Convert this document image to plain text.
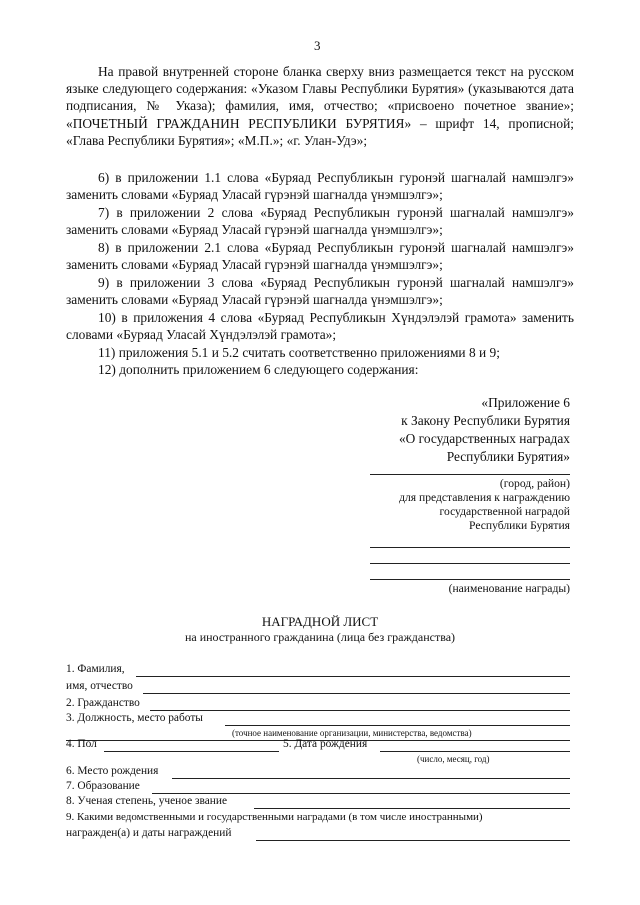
3
На правой внутренней стороне бланка сверху вниз размещается текст на русском языке следующего содержания: «Указом Главы Республики Бурятия» (указываются дата подписания, № Указа); фамилия, имя, отчество; «присвоено почетное звание»; «ПОЧЕТНЫЙ ГРАЖДАНИН РЕСПУБЛИКИ БУРЯТИЯ» – шрифт 14, прописной; «Глава Республики Бурятия»; «М.П.»; «г. Улан-Удэ»;
6) в приложении 1.1 слова «Буряад Республикын гуронэй шагналай намшэлгэ» заменить словами «Буряад Уласай гүрэнэй шагналда үнэмшэлгэ»;
7) в приложении 2 слова «Буряад Республикын гуронэй шагналай намшэлгэ» заменить словами «Буряад Уласай гүрэнэй шагналда үнэмшэлгэ»;
8) в приложении 2.1 слова «Буряад Республикын гуронэй шагналай намшэлгэ» заменить словами «Буряад Уласай гүрэнэй шагналда үнэмшэлгэ»;
9) в приложении 3 слова «Буряад Республикын гуронэй шагналай намшэлгэ» заменить словами «Буряад Уласай гүрэнэй шагналда үнэмшэлгэ»;
10) в приложения 4 слова «Буряад Республикын Хүндэлэлэй грамота» заменить словами «Буряад Уласай Хүндэлэлэй грамота»;
11) приложения 5.1 и 5.2 считать соответственно приложениями 8 и 9;
12) дополнить приложением 6 следующего содержания:
«Приложение 6
к Закону Республики Бурятия
«О государственных наградах
Республики Бурятия»
(город, район)
для представления к награждению
государственной наградой
Республики Бурятия
(наименование награды)
НАГРАДНОЙ ЛИСТ
на иностранного гражданина (лица без гражданства)
1. Фамилия,
имя, отчество
2. Гражданство
3. Должность, место работы
(точное наименование организации, министерства, ведомства)
4. Пол	5. Дата рождения
(число, месяц, год)
6. Место рождения
7. Образование
8. Ученая степень, ученое звание
9. Какими ведомственными и государственными наградами (в том числе иностранными)
награжден(а) и даты награждений
